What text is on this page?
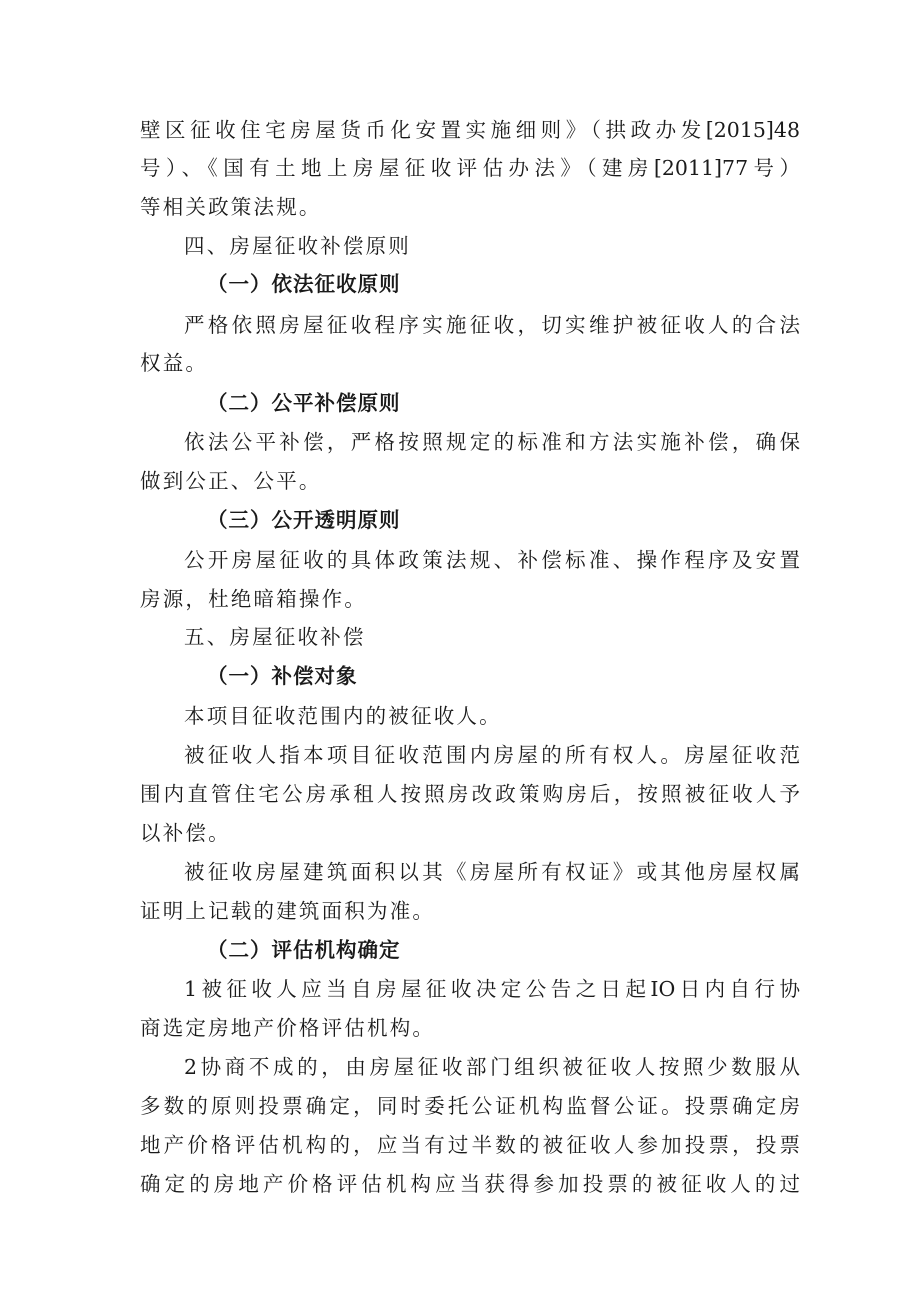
壁区征收住宅房屋货币化安置实施细则》（拱政办发[2015]48
号）、《国有土地上房屋征收评估办法》（建房[2011]77号）
等相关政策法规。
四、房屋征收补偿原则
（一）依法征收原则
严格依照房屋征收程序实施征收，切实维护被征收人的合法
权益。
（二）公平补偿原则
依法公平补偿，严格按照规定的标准和方法实施补偿，确保
做到公正、公平。
（三）公开透明原则
公开房屋征收的具体政策法规、补偿标准、操作程序及安置
房源，杜绝暗箱操作。
五、房屋征收补偿
（一）补偿对象
本项目征收范围内的被征收人。
被征收人指本项目征收范围内房屋的所有权人。房屋征收范
围内直管住宅公房承租人按照房改政策购房后，按照被征收人予
以补偿。
被征收房屋建筑面积以其《房屋所有权证》或其他房屋权属
证明上记载的建筑面积为准。
（二）评估机构确定
1被征收人应当自房屋征收决定公告之日起IO日内自行协
商选定房地产价格评估机构。
2协商不成的，由房屋征收部门组织被征收人按照少数服从
多数的原则投票确定，同时委托公证机构监督公证。投票确定房
地产价格评估机构的，应当有过半数的被征收人参加投票，投票
确定的房地产价格评估机构应当获得参加投票的被征收人的过
